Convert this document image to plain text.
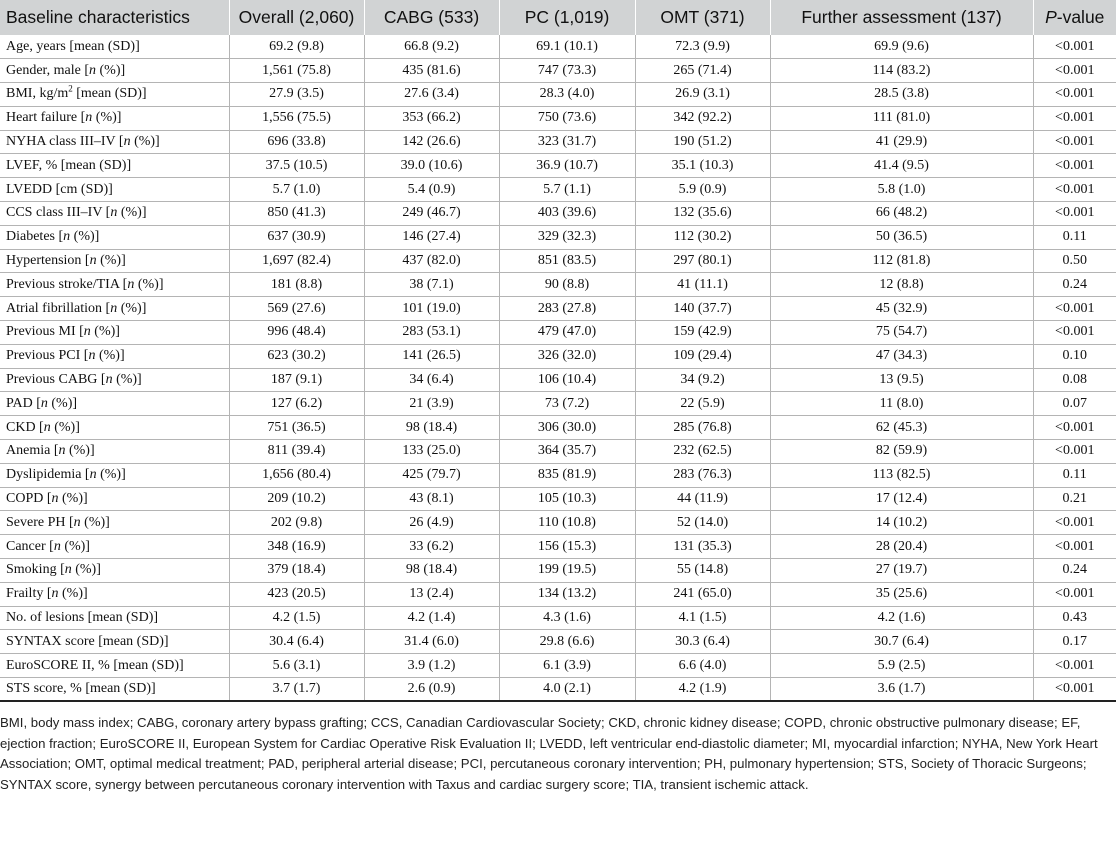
Baseline characteristics	Overall (2,060)	CABG (533)	PC (1,019)	OMT (371)	Further assessment (137)	P-value
Age, years [mean (SD)]	69.2 (9.8)	66.8 (9.2)	69.1 (10.1)	72.3 (9.9)	69.9 (9.6)	<0.001
Gender, male [n (%)]	1,561 (75.8)	435 (81.6)	747 (73.3)	265 (71.4)	114 (83.2)	<0.001
BMI, $kg/m^2$ [mean (SD)]	27.9 (3.5)	27.6 (3.4)	28.3 (4.0)	26.9 (3.1)	28.5 (3.8)	<0.001
Heart failure [n (%)]	1,556 (75.5)	353 (66.2)	750 (73.6)	342 (92.2)	111 (81.0)	<0.001
NYHA class III–IV [n (%)]	696 (33.8)	142 (26.6)	323 (31.7)	190 (51.2)	41 (29.9)	<0.001
LVEF, % [mean (SD)]	37.5 (10.5)	39.0 (10.6)	36.9 (10.7)	35.1 (10.3)	41.4 (9.5)	<0.001
LVEDD [cm (SD)]	5.7 (1.0)	5.4 (0.9)	5.7 (1.1)	5.9 (0.9)	5.8 (1.0)	<0.001
CCS class III–IV [n (%)]	850 (41.3)	249 (46.7)	403 (39.6)	132 (35.6)	66 (48.2)	<0.001
Diabetes [n (%)]	637 (30.9)	146 (27.4)	329 (32.3)	112 (30.2)	50 (36.5)	0.11
Hypertension [n (%)]	1,697 (82.4)	437 (82.0)	851 (83.5)	297 (80.1)	112 (81.8)	0.50
Previous stroke/TIA [n (%)]	181 (8.8)	38 (7.1)	90 (8.8)	41 (11.1)	12 (8.8)	0.24
Atrial fibrillation [n (%)]	569 (27.6)	101 (19.0)	283 (27.8)	140 (37.7)	45 (32.9)	<0.001
Previous MI [n (%)]	996 (48.4)	283 (53.1)	479 (47.0)	159 (42.9)	75 (54.7)	<0.001
Previous PCI [n (%)]	623 (30.2)	141 (26.5)	326 (32.0)	109 (29.4)	47 (34.3)	0.10
Previous CABG [n (%)]	187 (9.1)	34 (6.4)	106 (10.4)	34 (9.2)	13 (9.5)	0.08
PAD [n (%)]	127 (6.2)	21 (3.9)	73 (7.2)	22 (5.9)	11 (8.0)	0.07
CKD [n (%)]	751 (36.5)	98 (18.4)	306 (30.0)	285 (76.8)	62 (45.3)	<0.001
Anemia [n (%)]	811 (39.4)	133 (25.0)	364 (35.7)	232 (62.5)	82 (59.9)	<0.001
Dyslipidemia [n (%)]	1,656 (80.4)	425 (79.7)	835 (81.9)	283 (76.3)	113 (82.5)	0.11
COPD [n (%)]	209 (10.2)	43 (8.1)	105 (10.3)	44 (11.9)	17 (12.4)	0.21
Severe PH [n (%)]	202 (9.8)	26 (4.9)	110 (10.8)	52 (14.0)	14 (10.2)	<0.001
Cancer [n (%)]	348 (16.9)	33 (6.2)	156 (15.3)	131 (35.3)	28 (20.4)	<0.001
Smoking [n (%)]	379 (18.4)	98 (18.4)	199 (19.5)	55 (14.8)	27 (19.7)	0.24
Frailty [n (%)]	423 (20.5)	13 (2.4)	134 (13.2)	241 (65.0)	35 (25.6)	<0.001
No. of lesions [mean (SD)]	4.2 (1.5)	4.2 (1.4)	4.3 (1.6)	4.1 (1.5)	4.2 (1.6)	0.43
SYNTAX score [mean (SD)]	30.4 (6.4)	31.4 (6.0)	29.8 (6.6)	30.3 (6.4)	30.7 (6.4)	0.17
EuroSCORE II, % [mean (SD)]	5.6 (3.1)	3.9 (1.2)	6.1 (3.9)	6.6 (4.0)	5.9 (2.5)	<0.001
STS score, % [mean (SD)]	3.7 (1.7)	2.6 (0.9)	4.0 (2.1)	4.2 (1.9)	3.6 (1.7)	<0.001
BMI, body mass index; CABG, coronary artery bypass grafting; CCS, Canadian Cardiovascular Society; CKD, chronic kidney disease; COPD, chronic obstructive pulmonary disease; EF, ejection fraction; EuroSCORE II, European System for Cardiac Operative Risk Evaluation II; LVEDD, left ventricular end-diastolic diameter; MI, myocardial infarction; NYHA, New York Heart Association; OMT, optimal medical treatment; PAD, peripheral arterial disease; PCI, percutaneous coronary intervention; PH, pulmonary hypertension; STS, Society of Thoracic Surgeons; SYNTAX score, synergy between percutaneous coronary intervention with Taxus and cardiac surgery score; TIA, transient ischemic attack.
